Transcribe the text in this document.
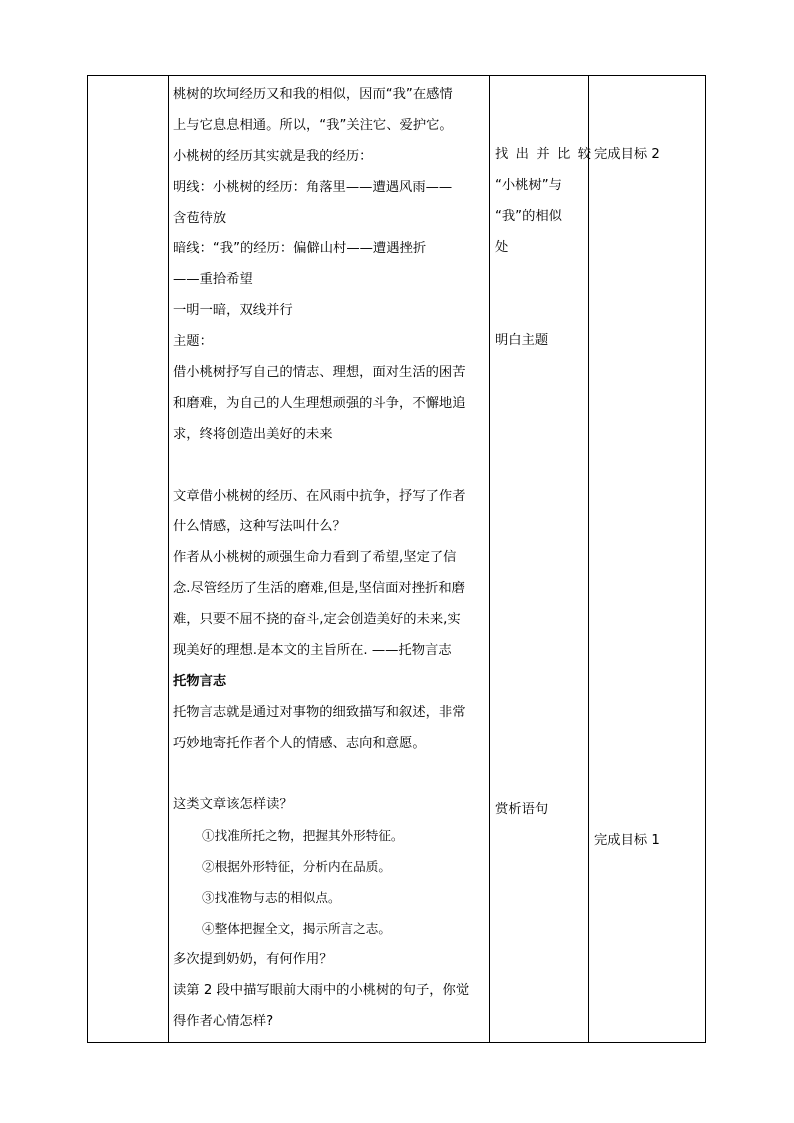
桃树的坎坷经历又和我的相似，因而“我”在感情
上与它息息相通。所以，“我”关注它、爱护它。
小桃树的经历其实就是我的经历：
明线：小桃树的经历：角落里——遭遇风雨——
含苞待放
暗线：“我”的经历：偏僻山村——遭遇挫折
——重拾希望
一明一暗，双线并行
主题：
借小桃树抒写自己的情志、理想，面对生活的困苦
和磨难，为自己的人生理想顽强的斗争，不懈地追
求，终将创造出美好的未来
文章借小桃树的经历、在风雨中抗争，抒写了作者
什么情感，这种写法叫什么？
作者从小桃树的顽强生命力看到了希望,坚定了信
念.尽管经历了生活的磨难,但是,坚信面对挫折和磨
难，只要不屈不挠的奋斗,定会创造美好的未来,实
现美好的理想.是本文的主旨所在. ——托物言志
托物言志
托物言志就是通过对事物的细致描写和叙述，非常
巧妙地寄托作者个人的情感、志向和意愿。
这类文章该怎样读？
①找准所托之物，把握其外形特征。
②根据外形特征，分析内在品质。
③找准物与志的相似点。
④整体把握全文，揭示所言之志。
多次提到奶奶，有何作用？
读第 2 段中描写眼前大雨中的小桃树的句子，你觉
得作者心情怎样?
找出并比较
“小桃树”与
“我”的相似
处
明白主题
赏析语句
完成目标 2
完成目标 1
